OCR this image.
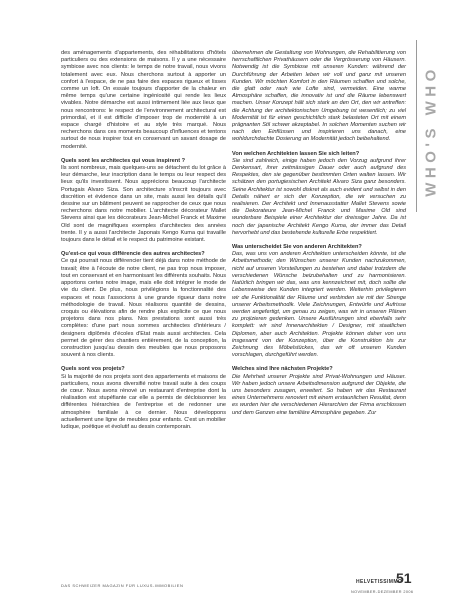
des aménagements d'appartements, des réhabilitations d'hôtels particuliers ou des extensions de maisons. Il y a une nécessaire symbiose avec nos clients: le temps de notre travail, nous vivons totalement avec eux. Nous cherchons surtout à apporter un confort à l'espace, de ne pas faire des espaces rigueux et lisses comme un loft. On essaie toujours d'apporter de la chaleur en même temps qu'une certaine ingéniosité qui rende les lieux vivables. Notre démarche est aussi intimement liée aux lieux que nous rencontrons: le respect de l'environnement architectural est primordial, et il est difficile d'imposer trop de modernité à un espace chargé d'histoire et au style très marqué. Nous recherchons dans ces moments beaucoup d'influences et tentons surtout de nous inspirer tout en conservant un savant dosage de modernité.

Quels sont les architectes qui vous inspirent ?

Ils sont nombreux, mais quelques-uns se détachent du lot grâce à leur démarche, leur inscription dans le temps ou leur respect des lieux qu'ils investissent. Nous apprécions beaucoup l'architecte Portugais Alvaro Siza. Son architecture s'inscrit toujours avec discrétion et évidence dans un site, mais aussi les détails qu'il dessine sur un bâtiment peuvent se rapprocher de ceux que nous recherchons dans notre mobilier. L'architecte décorateur Mallet Stevens ainsi que les décorateurs Jean-Michel Franck et Maxime Old sont de magnifiques exemples d'architectes des années trente. Il y a aussi l'architecte Japonais Kengo Kuma qui travaille toujours dans le détail et le respect du patrimoine existant.

Qu'est-ce qui vous différencie des autres architectes?

Ce qui pourrait nous différencier tient déjà dans notre méthode de travail; être à l'écoute de notre client, ne pas trop nous imposer, tout en conservant et en harmonisant les différents souhaits. Nous apportons certes notre image, mais elle doit intégrer le mode de vie du client. De plus, nous privilégions la fonctionnalité des espaces et nous l'associons à une grande rigueur dans notre méthodologie de travail. Nous réalisons quantité de dessins, croquis ou élévations afin de rendre plus explicite ce que nous projetons dans nos plans. Nos prestations sont aussi très complètes: d'une part nous sommes architectes d'intérieurs / designers diplômés d'écoles d'Etat mais aussi architectes. Cela permet de gérer des chantiers entièrement, de la conception, la construction jusqu'au dessin des meubles que nous proposons souvent à nos clients.

Quels sont vos projets?

Si la majorité de nos projets sont des appartements et maisons de particuliers, nous avons diversifié notre travail suite à des coups de cœur. Nous avons rénové un restaurant d'entreprise dont la réalisation est stupéfiante car elle a permis de décloisonner les différentes hiérarchies de l'entreprise et de redonner une atmosphère familiale à ce dernier. Nous développons actuellement une ligne de meubles pour enfants. C'est un mobilier ludique, poétique et évolutif au dessin contemporain.

übernehmen die Gestaltung von Wohnungen, die Rehabilitierung von herrschaftlichen Privathäusern oder die Vergrösserung von Häusern. Notwendig ist die Symbiose mit unseren Kunden: während der Durchführung der Arbeiten leben wir voll und ganz mit unseren Kunden. Wir möchten Komfort in den Räumen schaffen und solche, die glatt oder rauh wie Lofte sind, vermeiden. Eine warme Atmosphäre schaffen, die innovativ ist und die Räume lebenswert machen. Unser Konzept hält sich stark an den Ort, den wir antreffen: die Achtung der architektonischen Umgebung ist wesentlich; zu viel Modernität ist für einen geschichtlich stark belasteten Ort mit einem prägnanten Stil schwer akzeptabel. In solchen Momenten suchen wir nach den Einflüssen und inspirieren uns danach, eine wohldurchdachte Dosierung an Modernität jedoch beibehaltend.

Von welchen Architekten lassen Sie sich leiten?

Sie sind zahlreich, einige haben jedoch den Vorzug aufgrund ihrer Denkensart, ihrer zeitmässigen Dauer oder auch aufgrund des Respektes, den sie gegenüber bestimmten Orten walten lassen. Wir schätzen den portugiesischen Architekt Alvaro Siza ganz besonders. Seine Architektur ist sowohl diskret als auch evident und selbst in den Details nähert er sich der Konzeption, die wir versuchen zu realisieren. Der Architekt und Innenausstatter Mallet Stevens sowie die Dekorateure Jean-Michel Franck und Maxime Old sind wunderbare Beispiele einer Architektur der dreissiger Jahre. Da ist noch der japanische Architekt Kengo Kuma, der immer das Detail hervorhebt und das bestehende kulturelle Erbe respektiert.

Was unterscheidet Sie von anderen Architekten?

Das, was uns von anderen Architekten unterscheiden könnte, ist die Arbeitsmethode; den Wünschen unserer Kunden nachzukommen, nicht auf unseren Vorstellungen zu bestehen und dabei trotzdem die verschiedenen Wünsche beizubehalten und zu harmonisieren. Natürlich bringen wir das, was uns kennzeichnet mit, doch sollte die Lebensweise des Kunden integriert werden. Weiterhin privilegieren wir die Funktionalität der Räume und verbinden sie mit der Strenge unserer Arbeitsmethodik. Viele Zeichnungen, Entwürfe und Aufrisse werden angefertigt, um genau zu zeigen, was wir in unseren Plänen zu projizieren gedenken. Unsere Ausführungen sind ebenfalls sehr komplett: wir sind Innenarchitekten / Designer, mit staatlichen Diplomen, aber auch Architekten. Projekte können daher von uns insgesamt von der Konzeption, über die Konstruktion bis zur Zeichnung des Möbelstückes, das wir oft unseren Kunden vorschlagen, durchgeführt werden.

Welches sind Ihre nächsten Projekte?

Die Mehrheit unserer Projekte sind Privat-Wohnungen und Häuser. Wir haben jedoch unsere Arbeitsdimension aufgrund der Objekte, die uns besonders zusagen, erweitert. So haben wir das Restaurant eines Unternehmens renoviert mit einem erstaunlichen Resultat, denn es wurden hier die verschiedenen Hierarchien der Firma erschlossen und dem Ganzen eine familiäre Atmosphäre gegeben. Zur

WHO'S WHO
DAS SCHWEIZER MAGAZIN FÜR LUXUS-IMMOBILIEN
HELVETISSIMMO
51
NOVEMBER-DEZEMBER 2006
